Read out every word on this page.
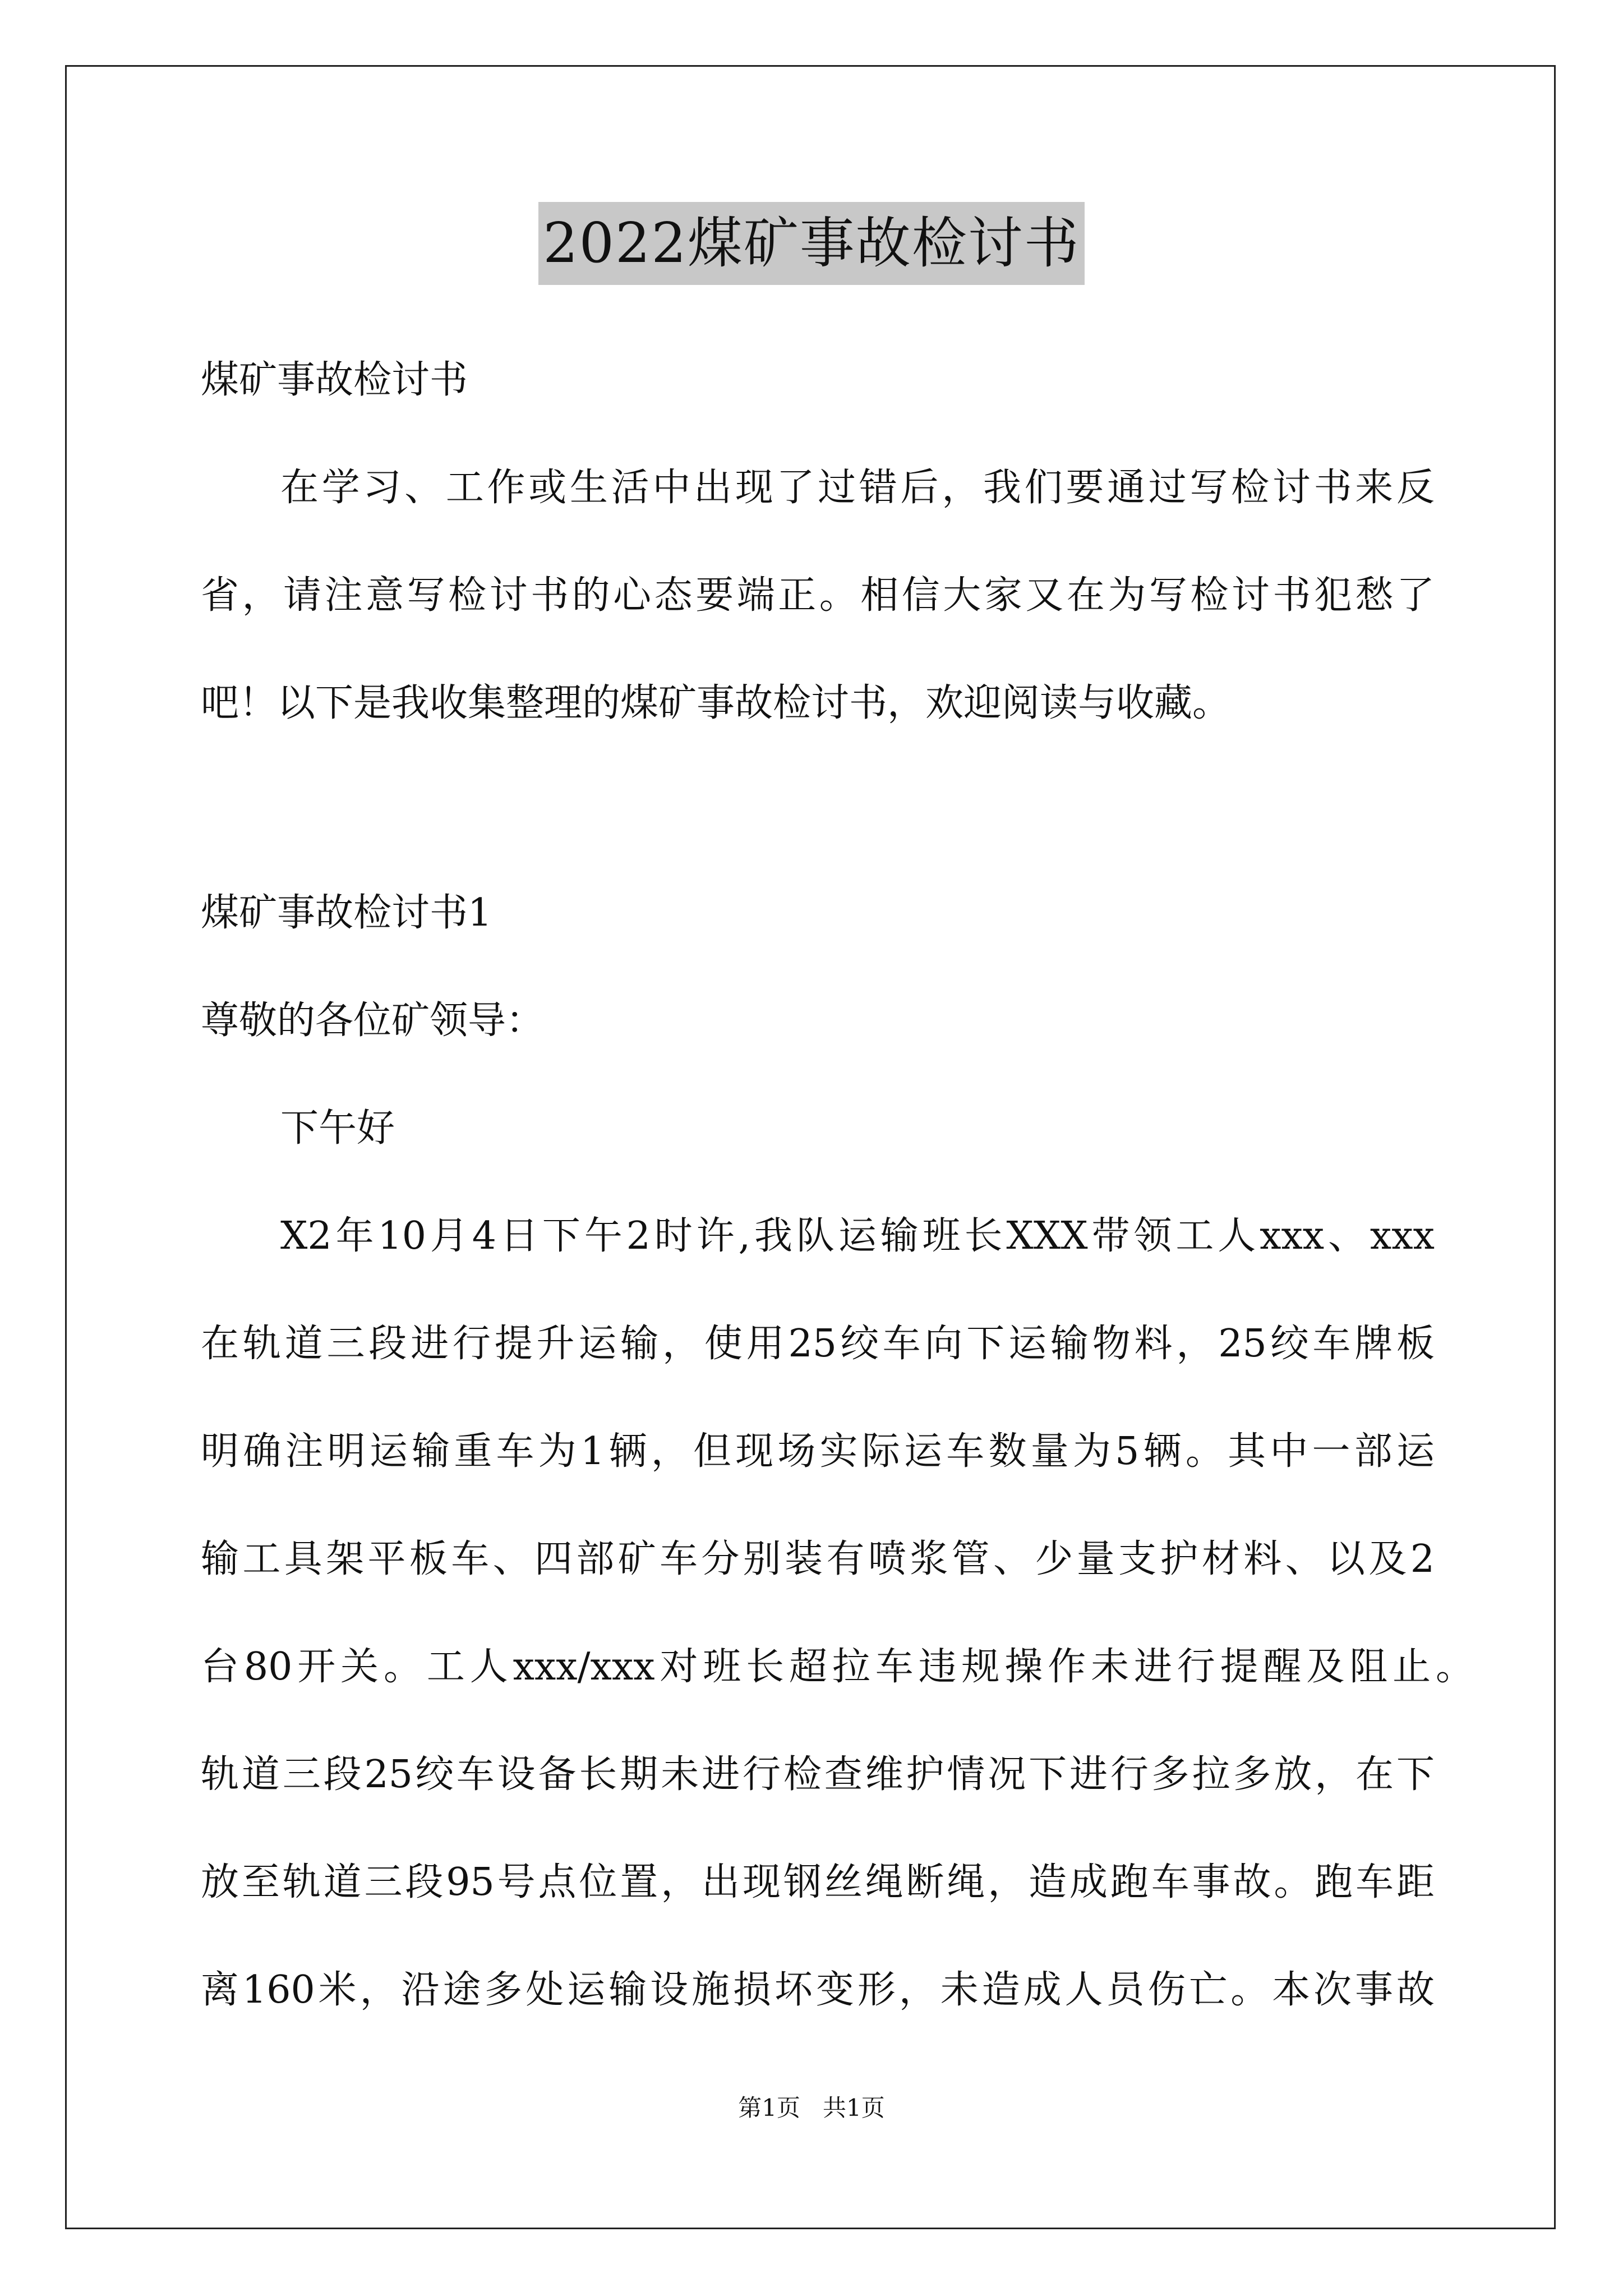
2022煤矿事故检讨书
煤矿事故检讨书
在学习、工作或生活中出现了过错后，我们要通过写检讨书来反
省，请注意写检讨书的心态要端正。相信大家又在为写检讨书犯愁了
吧！以下是我收集整理的煤矿事故检讨书，欢迎阅读与收藏。
煤矿事故检讨书1
尊敬的各位矿领导：
下午好
X2年10月4日下午2时许,我队运输班长XXX带领工人xxx、xxx
在轨道三段进行提升运输，使用25绞车向下运输物料，25绞车牌板
明确注明运输重车为1辆，但现场实际运车数量为5辆。其中一部运
输工具架平板车、四部矿车分别装有喷浆管、少量支护材料、以及2
台80开关。工人xxx/xxx对班长超拉车违规操作未进行提醒及阻止。
轨道三段25绞车设备长期未进行检查维护情况下进行多拉多放，在下
放至轨道三段95号点位置，出现钢丝绳断绳，造成跑车事故。跑车距
离160米，沿途多处运输设施损坏变形，未造成人员伤亡。本次事故
第1页   共1页
